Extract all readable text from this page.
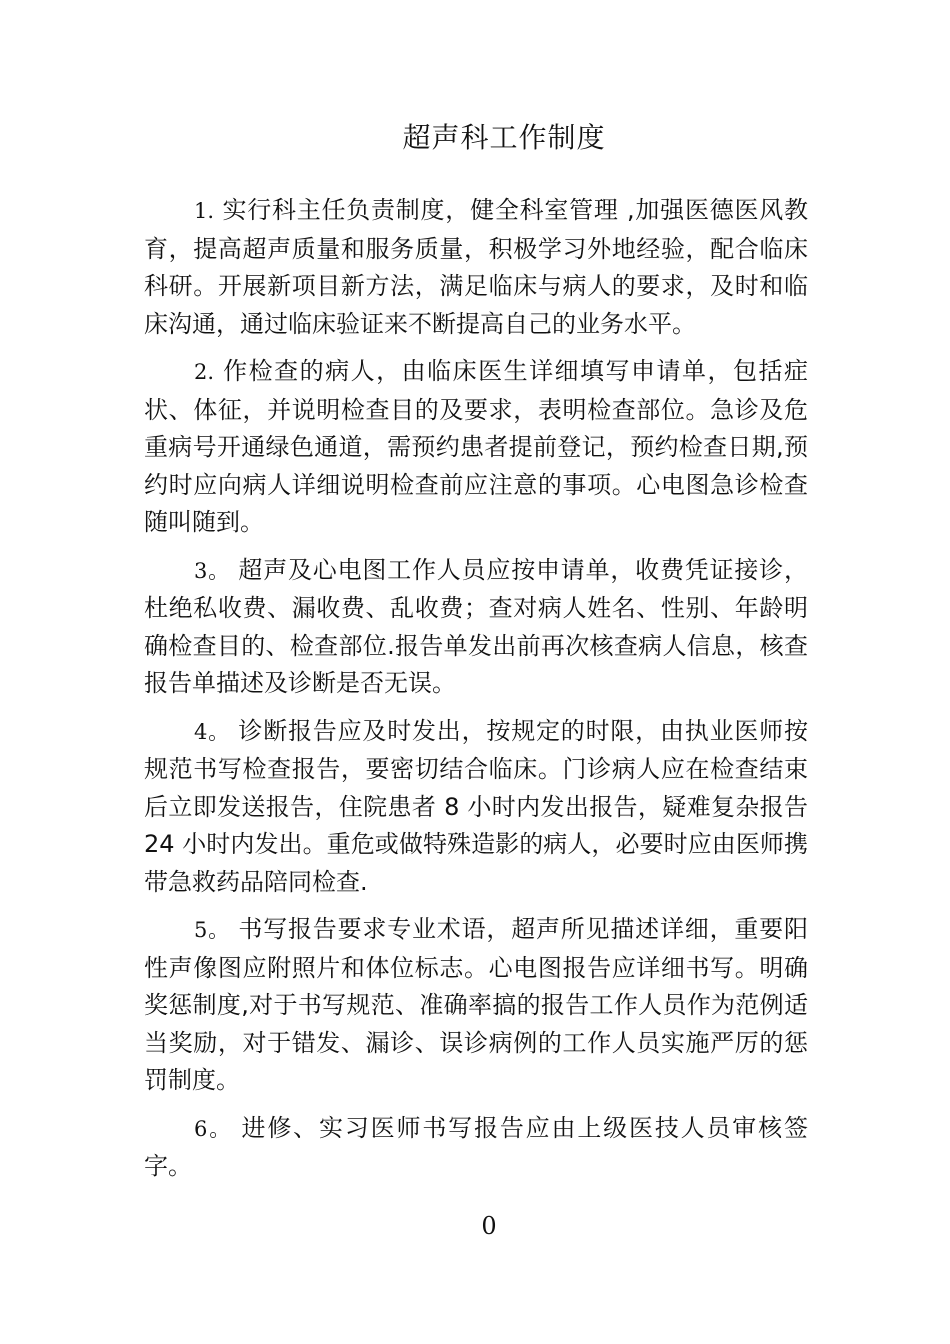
超声科工作制度

1. 实行科主任负责制度，健全科室管理 ,加强医德医风教育，提高超声质量和服务质量，积极学习外地经验，配合临床科研。开展新项目新方法，满足临床与病人的要求，及时和临床沟通，通过临床验证来不断提高自己的业务水平。

2. 作检查的病人，由临床医生详细填写申请单，包括症状、体征，并说明检查目的及要求，表明检查部位。急诊及危重病号开通绿色通道，需预约患者提前登记，预约检查日期,预约时应向病人详细说明检查前应注意的事项。心电图急诊检查随叫随到。

3。 超声及心电图工作人员应按申请单，收费凭证接诊，杜绝私收费、漏收费、乱收费；查对病人姓名、性别、年龄明确检查目的、检查部位.报告单发出前再次核查病人信息，核查报告单描述及诊断是否无误。

4。 诊断报告应及时发出，按规定的时限，由执业医师按规范书写检查报告，要密切结合临床。门诊病人应在检查结束后立即发送报告，住院患者 8 小时内发出报告，疑难复杂报告 24 小时内发出。重危或做特殊造影的病人，必要时应由医师携带急救药品陪同检查.

5。 书写报告要求专业术语，超声所见描述详细，重要阳性声像图应附照片和体位标志。心电图报告应详细书写。明确奖惩制度,对于书写规范、准确率搞的报告工作人员作为范例适当奖励，对于错发、漏诊、误诊病例的工作人员实施严厉的惩罚制度。

6。 进修、实习医师书写报告应由上级医技人员审核签字。

0
